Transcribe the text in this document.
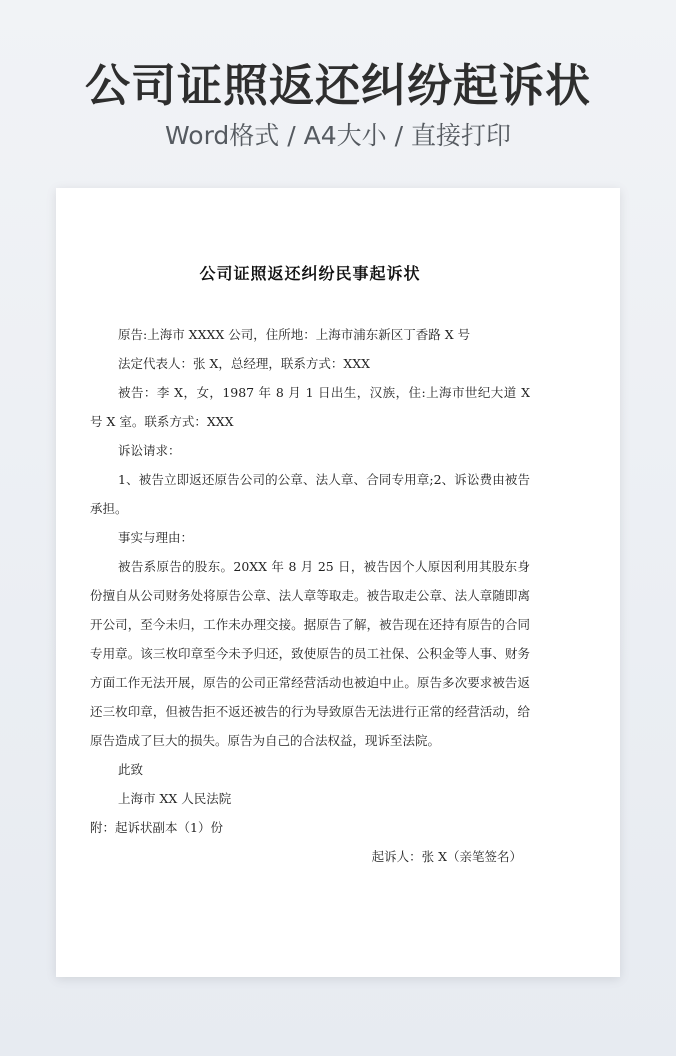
公司证照返还纠纷起诉状
Word格式 / A4大小 / 直接打印
公司证照返还纠纷民事起诉状

原告:上海市 XXXX 公司，住所地：上海市浦东新区丁香路 X 号

法定代表人：张 X，总经理，联系方式：XXX

被告：李 X，女，1987 年 8 月 1 日出生，汉族，住:上海市世纪大道 X 号 X 室。联系方式：XXX

诉讼请求：

1、被告立即返还原告公司的公章、法人章、合同专用章;2、诉讼费由被告承担。

事实与理由：

被告系原告的股东。20XX 年 8 月 25 日，被告因个人原因利用其股东身份擅自从公司财务处将原告公章、法人章等取走。被告取走公章、法人章随即离开公司，至今未归，工作未办理交接。据原告了解，被告现在还持有原告的合同专用章。该三枚印章至今未予归还，致使原告的员工社保、公积金等人事、财务方面工作无法开展，原告的公司正常经营活动也被迫中止。原告多次要求被告返还三枚印章，但被告拒不返还被告的行为导致原告无法进行正常的经营活动，给原告造成了巨大的损失。原告为自己的合法权益，现诉至法院。

此致

上海市 XX 人民法院

附：起诉状副本（1）份

起诉人：张 X（亲笔签名）
